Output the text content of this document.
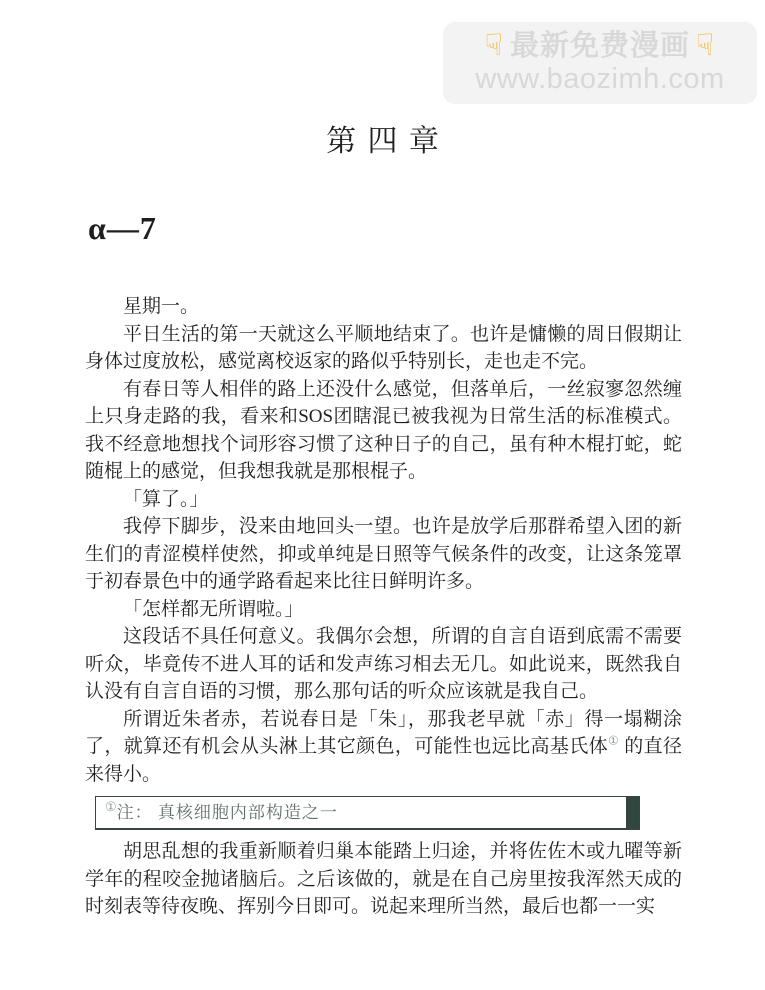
☟ 最新免费漫画 ☟
www.baozimh.com
第四章
α—7

星期一。

平日生活的第一天就这么平顺地结束了。也许是慵懒的周日假期让身体过度放松，感觉离校返家的路似乎特别长，走也走不完。

有春日等人相伴的路上还没什么感觉，但落单后，一丝寂寥忽然缠上只身走路的我，看来和SOS团瞎混已被我视为日常生活的标准模式。我不经意地想找个词形容习惯了这种日子的自己，虽有种木棍打蛇，蛇随棍上的感觉，但我想我就是那根棍子。

「算了。」

我停下脚步，没来由地回头一望。也许是放学后那群希望入团的新生们的青涩模样使然，抑或单纯是日照等气候条件的改变，让这条笼罩于初春景色中的通学路看起来比往日鲜明许多。

「怎样都无所谓啦。」

这段话不具任何意义。我偶尔会想，所谓的自言自语到底需不需要听众，毕竟传不进人耳的话和发声练习相去无几。如此说来，既然我自认没有自言自语的习惯，那么那句话的听众应该就是我自己。

所谓近朱者赤，若说春日是「朱」，那我老早就「赤」得一塌糊涂了，就算还有机会从头淋上其它颜色，可能性也远比高基氏体① 的直径来得小。

① 注： 真核细胞内部构造之一

胡思乱想的我重新顺着归巢本能踏上归途，并将佐佐木或九曜等新学年的程咬金抛诸脑后。之后该做的，就是在自己房里按我浑然天成的时刻表等待夜晚、挥别今日即可。说起来理所当然，最后也都一一实
